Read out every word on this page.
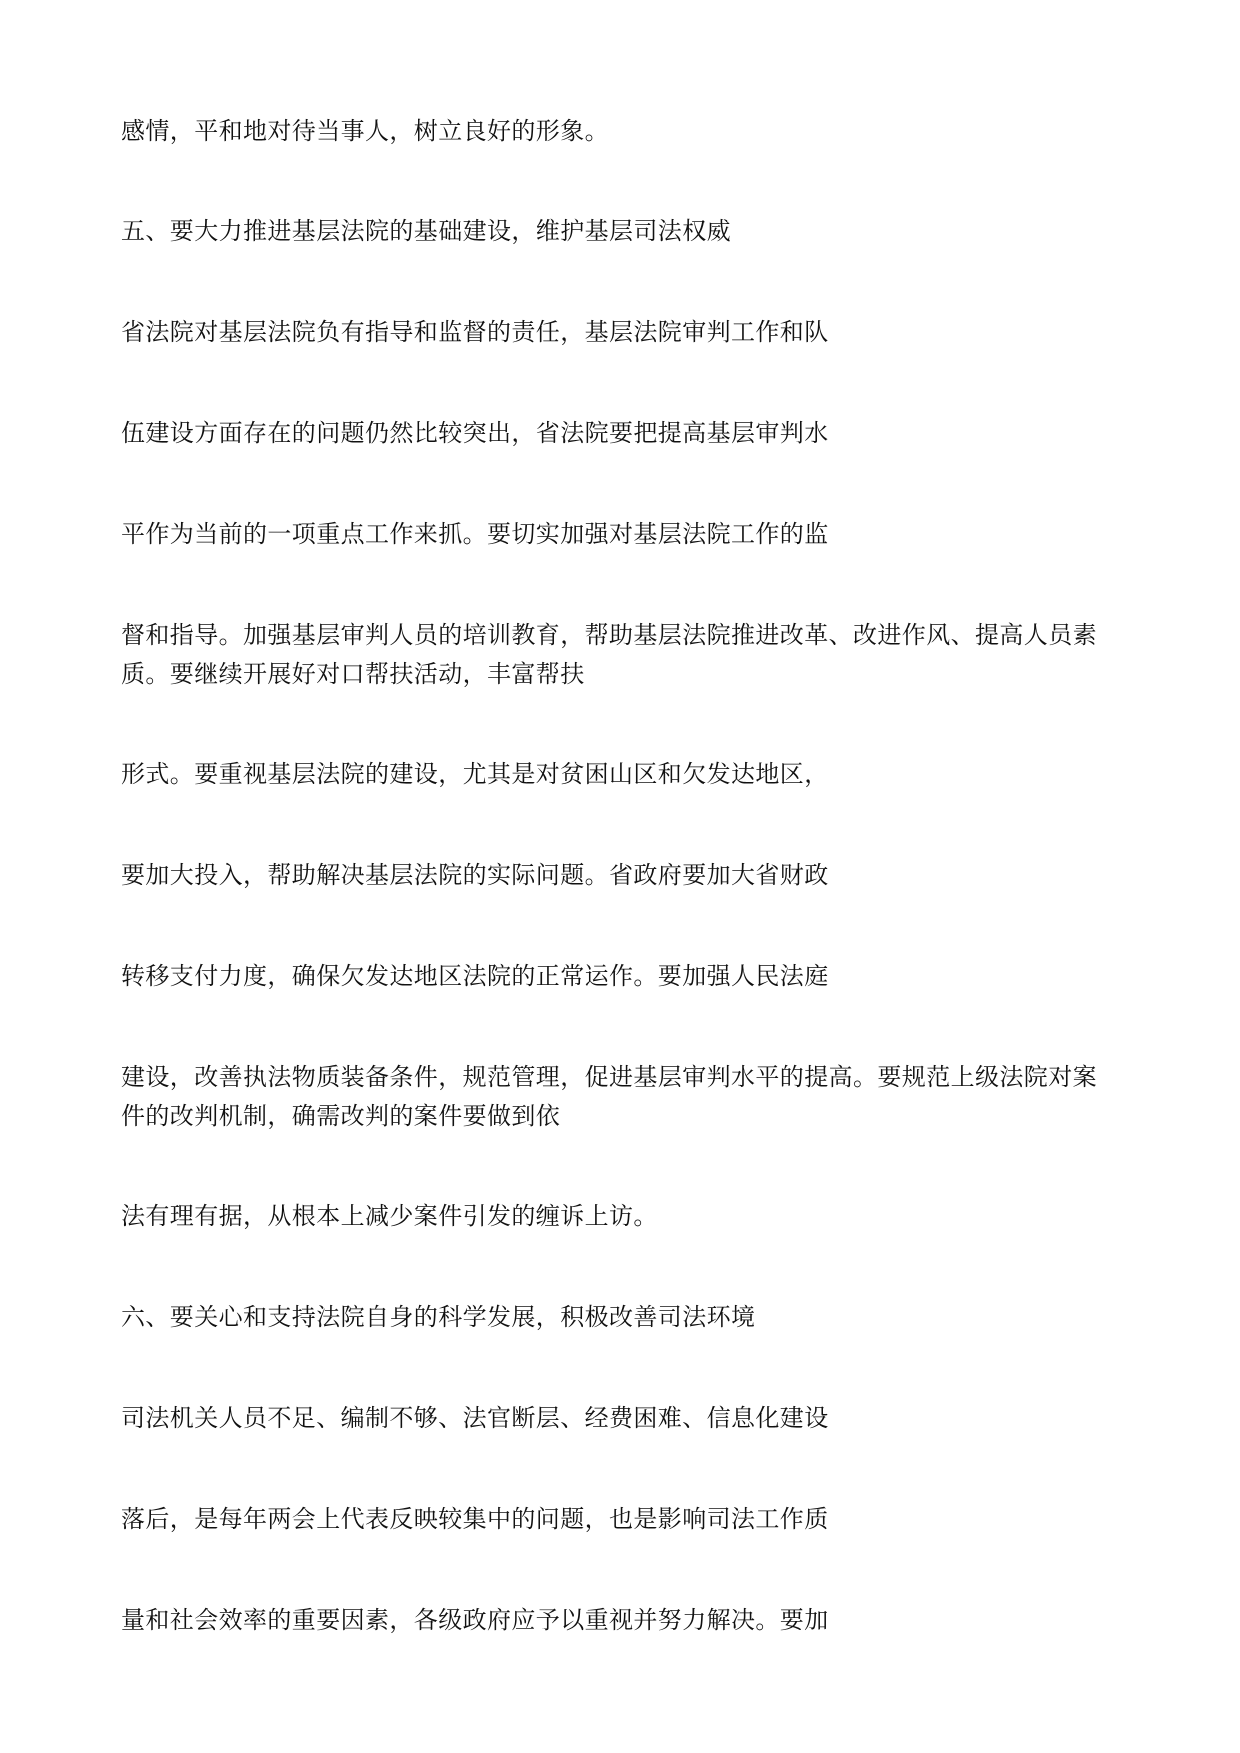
感情，平和地对待当事人，树立良好的形象。

五、要大力推进基层法院的基础建设，维护基层司法权威

省法院对基层法院负有指导和监督的责任，基层法院审判工作和队

伍建设方面存在的问题仍然比较突出，省法院要把提高基层审判水

平作为当前的一项重点工作来抓。要切实加强对基层法院工作的监

督和指导。加强基层审判人员的培训教育，帮助基层法院推进改革、改进作风、提高人员素

质。要继续开展好对口帮扶活动，丰富帮扶

形式。要重视基层法院的建设，尤其是对贫困山区和欠发达地区，

要加大投入，帮助解决基层法院的实际问题。省政府要加大省财政

转移支付力度，确保欠发达地区法院的正常运作。要加强人民法庭

建设，改善执法物质装备条件，规范管理，促进基层审判水平的提高。要规范上级法院对案

件的改判机制，确需改判的案件要做到依

法有理有据，从根本上减少案件引发的缠诉上访。

六、要关心和支持法院自身的科学发展，积极改善司法环境

司法机关人员不足、编制不够、法官断层、经费困难、信息化建设

落后，是每年两会上代表反映较集中的问题，也是影响司法工作质

量和社会效率的重要因素，各级政府应予以重视并努力解决。要加
